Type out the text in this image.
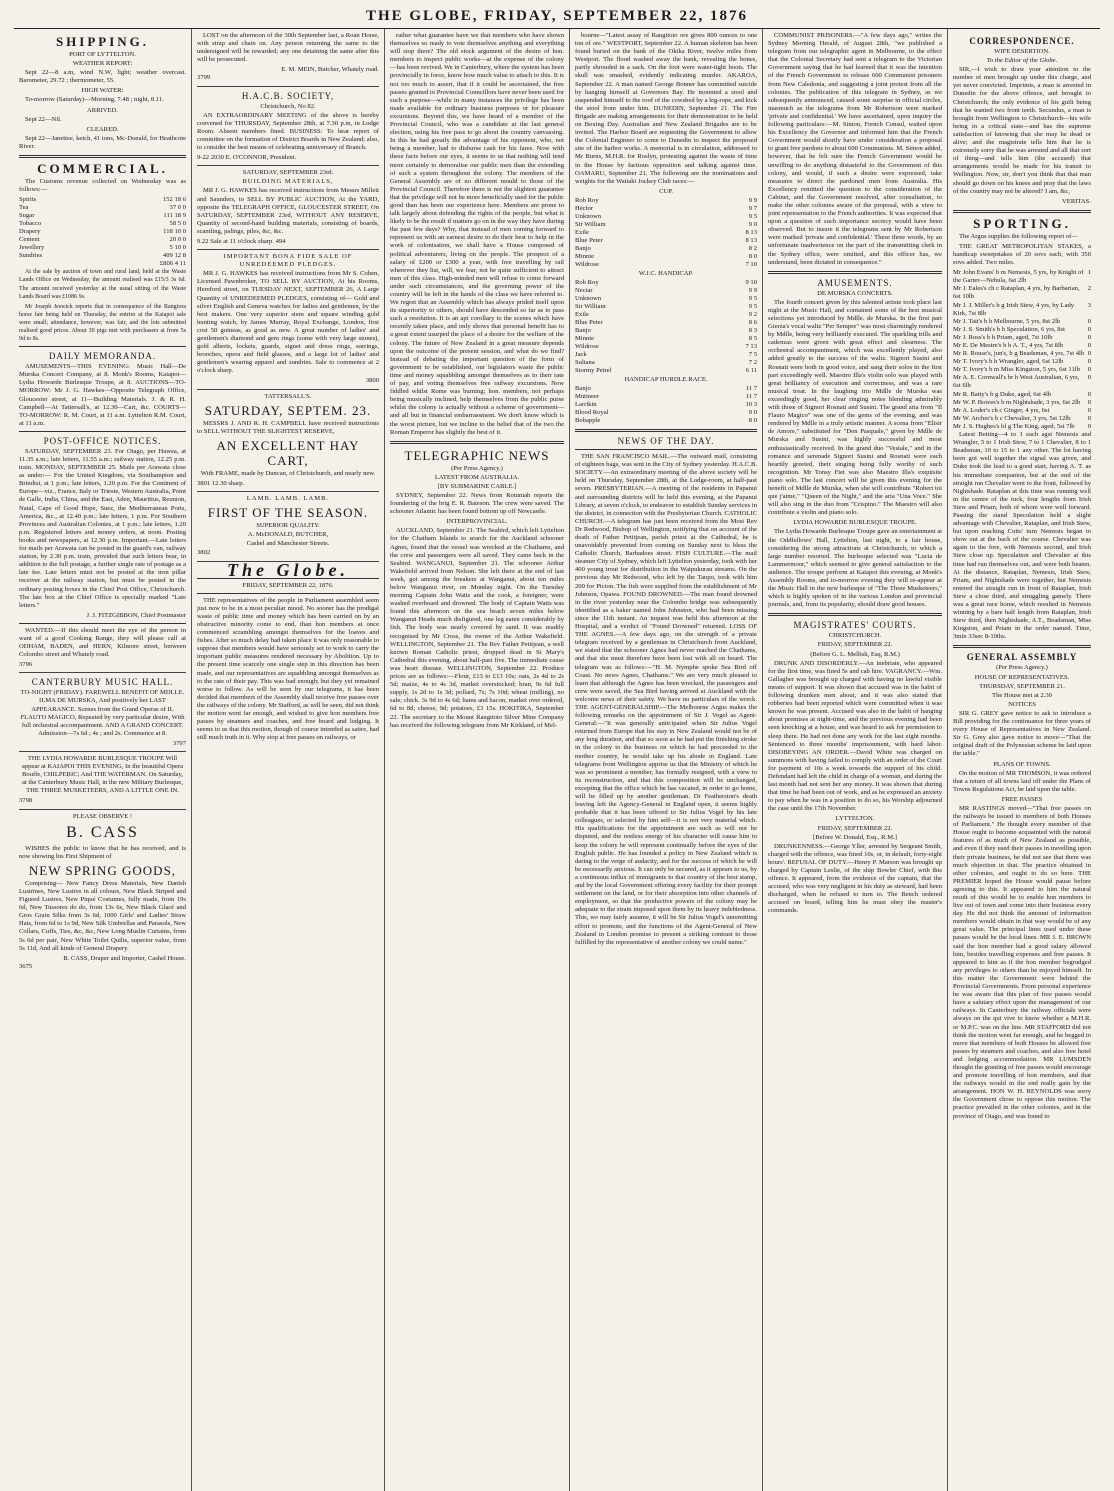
THE GLOBE, FRIDAY, SEPTEMBER 22, 1876
SHIPPING.
PORT OF LYTTELTON.
WEATHER REPORT:

Sept 22—8 a.m, wind N.W, light; weather overcast. Barometer, 29.72 ; thermometer, 55.

HIGH WATER:

To-morrow (Saturday)—Morning, 7.48 ; night, 8.11.

ARRIVED.

Sept 22—Nil.

CLEARED.

Sept 22—Janettee, ketch, 41 tons, Mc-Donald, for Heathcote River.

COMMERCIAL.

The Customs revenue collected on Wednesday was as follows:—

Spirits	152 18 6
Tea	37 0 0
Sugar	111 18 9
Tobacco	58 5 0
Drapery	118 10 0
Cement	20 0 0
Jewellery	5 10 0
Sundries	409 12 8
£806 4 11

At the sale by auction of town and rural land, held at the Waste Lands Office on Wednesday, the amount realised was £15/3 3s 6d. The amount received yesterday at the usual sitting of the Waste Lands Board was £1086 9s.

Mr Joseph Jeswick reports that in consequence of the Rangiora horse fair being held on Thursday, the entries at the Kaiapoi sale were small; attendance, however, was fair, and the lots submitted realised good prices. About 30 pigs met with purchasers at from 5s 9d to 8s.

DAILY MEMORANDA.

AMUSEMENTS—THIS EVENING: Music Hall—De Murska Concert Company, at 8. Monk's Rooms, Kaiapoi—Lydia Howarde Burlesque Troupe, at 8. AUCTIONS—TO-MORROW: Mr J. G. Hawkes—Opposite Telegraph Office, Gloucester street, at 11—Building Materials. J. & R. H. Campbell—At Tattersall's, at 12.30—Cart, &c. COURTS—TO-MORROW: R. M. Court, at 11 a.m. Lyttelton R.M. Court, at 11 a.m.

POST-OFFICE NOTICES.

SATURDAY, SEPTEMBER 23. For Otago, per Hawea, at 11.35 a.m.; late letters, 11.55 a.m.; railway station, 12.25 p.m. train. MONDAY, SEPTEMBER 25. Mails per Arawata close as under:— For the United Kingdom, via Southampton and Brindisi, at 1 p.m.; late letters, 1.20 p.m. For the Continent of Europe—viz., France, Italy or Trieste, Western Australia, Point de Galle, India, China, and the East, Aden, Mauritius, Reunion, Natal, Cape of Good Hope, Suez, the Mediterranean Ports, America, &c., at 12.40 p.m.; late letters, 1 p.m. For Southern Provinces and Australian Colonies, at 1 p.m.; late letters, 1.20 p.m. Registered letters and money orders, at noon. Posting books and newspapers, at 12.30 p.m. Important.—Late letters for mails per Arawata can be posted in the guard's van, railway station, by 2.30 p.m. train, provided that such letters bear, in addition to the full postage, a further single rate of postage as a late fee. Late letters must not be posted at the iron pillar receiver at the railway station, but must be posted in the ordinary posting boxes in the Chief Post Office, Christchurch. The late box at the Chief Office is specially marked "Late letters."

J. J. FITZGIBBON, Chief Postmaster

WANTED.—If this should meet the eye of the person in want of a good Cooking Range, they will please call at ODHAM, BADEN, and HERN, Kilmore street, between Colombo street and Whately road.

3796
CANTERBURY MUSIC HALL.

TO-NIGHT (FRIDAY). FAREWELL BENEFIT OF MDLLE. ILMA DE MURSKA, And positively her LAST APPEARANCE. Scenes from the Grand Operas of IL FLAUTO MAGICO, Repeated by very particular desire, With full orchestral accompaniment. AND A GRAND CONCERT. Admission—7s 6d ; 4s ; and 2s. Commence at 8.

3797

THE LYDIA HOWARDE BURLESQUE TROUPE Will appear at KAIAPOI THIS EVENING, In the beautiful Opera Bouffe, CHILPERIC; And THE WATERMAN. On Saturday, at the Canterbury Music Hall, in the new Military Burlesque, THE THREE MUSKETEERS, AND A LITTLE ONE IN.

3798
PLEASE OBSERVE !
B. CASS

WISHES the public to know that he has received, and is now showing his First Shipment of

NEW SPRING GOODS,

Comprising— New Fancy Dress Materials, New Danish Lustrines, New Lustres in all colours, New Black Striped and Figured Lustres, New Piqué Costumes, fully made, from 19s 6d, New Tussores do do, from 13s 6s, New Black Glacé and Gros Grain Silks from 3s 6d, 1000 Girls' and Ladies' Straw Hats, from 6d to 1s 9d, New Silk Umbrellas and Parasols, New Collars, Cuffs, Ties, &c, &c, New Long Muslin Curtains, from 5s 6d per pair, New White Toilet Quilts, superior value, from 5s 11d, And all kinds of General Drapery.

B. CASS, Draper and Importer, Cashel House.
3675

LOST on the afternoon of the 30th September last, a Roan Horse, with strap and chain on. Any person returning the same to the undersigned will be rewarded; any one detaining the same after this will be prosecuted.

E. M. MEIN, Butcher, Whately road.
3799
H.A.C.B. SOCIETY,
Christchurch, No 82.

AN EXTRAORDINARY MEETING of the above is hereby convened for THURSDAY, September 28th, at 7.30 p.m, in Lodge Room. Absent members fined. BUSINESS: To hear report of committee on the formation of District Boards in New Zealand; also, to consider the best means of celebrating anniversary of Branch.

9-22 2030 E. O'CONNOR, President.
SATURDAY, SEPTEMBER 23rd.
BUILDING MATERIALS,

MR J. G. HAWKES has received instructions from Messrs Millett and Saunders, to SELL BY PUBLIC AUCTION, At the YARD, opposite the TELEGRAPH OFFICE, GLOUCESTER STREET, On SATURDAY, SEPTEMBER 23rd, WITHOUT ANY RESERVE, Quantity of second-hand building materials, consisting of boards, scantling, palings, piles, &c, &c.

9.22 Sale at 11 o'clock sharp. 494
IMPORTANT BONA FIDE SALE OF UNREDEEMED PLEDGES.

MR J. G. HAWKES has received instructions from Mr S. Cohen, Licensed Pawnbroker, TO SELL BY AUCTION, At his Rooms, Hereford street, on TUESDAY NEXT, SEPTEMBER 26, A Large Quantity of UNREDEEMED PLEDGES, consisting of— Gold and silver English and Geneva watches for ladies and gentlemen, by the best makers. One very superior stem and square winding gold hunting watch, by James Murray, Royal Exchange, London, first cost 50 guineas, as good as new. A great number of ladies' and gentlemen's diamond and gem rings (some with very large stones), gold alberts, lockets, guards, signet and dress rings, earrings, brooches, opera and field glasses, and a large lot of ladies' and gentlemen's wearing apparel and sundries. Sale to commence at 2 o'clock sharp.

3800
TATTERSALL'S.
SATURDAY, SEPTEM. 23.

MESSRS J. AND R. H. CAMPBELL have received instructions to SELL WITHOUT THE SLIGHTEST RESERVE,

AN EXCELLENT HAY CART,

With FRAME, made by Duncan, of Christchurch, and nearly new.

3801 12.30 sharp.
LAMB. LAMB. LAMB.
FIRST OF THE SEASON.
SUPERIOR QUALITY.
A. McDONALD, BUTCHER,
Cashel and Manchester Streets.
3802
The Globe.
FRIDAY, SEPTEMBER 22, 1876.

THE representatives of the people in Parliament assembled seem just now to be in a most peculiar mood. No sooner has the prodigal waste of public time and money which has been carried on by an obstructive minority come to end, than hon members at once commenced scrambling amongst themselves for the loaves and fishes. After so much delay had taken place it was only reasonable to suppose that members would have seriously set to work to carry the important public measures rendered necessary by Abolition. Up to the present time scarcely one single step in this direction has been made, and our representatives are squabbling amongst themselves as to the rate of their pay. This was bad enough; but they yet remained worse to follow. As will be seen by our telegrams, it has been decided that members of the Assembly shall receive free passes over the railways of the colony. Mr Stafford, as will be seen, did not think the motion went far enough, and wished to give hon members free passes by steamers and coaches, and free board and lodging. It seems to us that this motion, though of course intended as satire, had still much truth in it. Why stop at free passes on railways, or

rather what guarantee have we that members who have shown themselves so ready to vote themselves anything and everything will stop there? The old stock argument of the desire of hon. members to inspect public works—at the expense of the colony—has been revived. We in Canterbury, where the system has been provincially in force, know how much value to attach to this. It is not too much to assert, that if it could be ascertained, the free passes granted to Provincial Councillors have never been used for such a purpose—while in many instances the privilege has been made available for ordinary business purposes or for pleasure excursions. Beyond this, we have heard of a member of the Provincial Council, who was a candidate at the last general election, using his free pass to go about the country canvassing. In this he had greatly the advantage of his opponent, who, not being a member, had to disburse cash for his fares. Now with these facts before our eyes, it seems to us that nothing will tend more certainly to demoralise our public men than the extending of such a system throughout the colony. The members of the General Assembly are of no different mould to those of the Provincial Council. Therefore there is not the slightest guarantee that the privilege will not be more beneficially used for the public good than has been our experience here. Members are prone to talk largely about defending the rights of the people, but what is likely to be the result if matters go on in the way they have during the past few days? Why, that instead of men coming forward to represent us with an earnest desire to do their best to help in the work of colonisation, we shall have a House composed of political adventurers, living on the people. The prospect of a salary of £200 or £300 a year, with free travelling by rail wherever they list, will, we fear, not be quite sufficient to attract men of this class. High-minded men will refuse to come forward under such circumstances, and the governing power of the country will be left in the hands of the class we have referred to. We regret that an Assembly which has always prided itself upon its superiority to others, should have descended so far as to pass such a resolution. It is an apt corollary to the scenes which have recently taken place, and only shows that personal benefit has to a great extent usurped the place of a desire for the welfare of the colony. The future of New Zealand in a great measure depends upon the outcome of the present session, and what do we find? Instead of debating the important question of the form of government to be established, our legislators waste the public time and money squabbling amongst themselves as to their rate of pay, and voting themselves free railway excursions. Now fiddled whilst Rome was burning; hon. members, not perhaps being musically inclined, help themselves from the public purse whilst the colony is actually without a scheme of government—and all but in financial embarrassment. We don't know which is the worst picture, but we incline to the belief that of the two the Roman Emperor has slightly the best of it.

TELEGRAPHIC NEWS
(Per Press Agency.)
LATEST FROM AUSTRALIA.
[BY SUBMARINE CABLE.]

SYDNEY, September 22. News from Rotumah reports the foundering of the brig E. R. Bateson. The crew were saved. The schooner Atlantic has been found bottom up off Newcastle.

INTERPROVINCIAL.

AUCKLAND, September 21. The Seabird, which left Lyttelton for the Chatham Islands to search for the Auckland schooner Agnes, found that the vessel was wrecked at the Chathams, and the crew and passengers were all saved. They came back in the Seabird. WANGANUI, September 21. The schooner Arthur Wakefield arrived from Nelson. She left there at the end of last week, got among the breakers at Wanganui, about ten miles below Wanganui river, on Monday night. On the Tuesday morning Captain John Watts and the cook, a foreigner, were washed overboard and drowned. The body of Captain Watts was found this afternoon on the sea beach seven miles below Wanganui Heads much disfigured, one leg eaten considerably by fish. The body was nearly covered by sand. It was readily recognised by Mr Cross, the owner of the Arthur Wakefield. WELLINGTON, September 21. The Rev Father Petitjean, a well known Roman Catholic priest, dropped dead in St Mary's Cathedral this evening, about half-past five. The immediate cause was heart disease. WELLINGTON, September 22. Produce prices are as follows:—Flour, £13 to £13 10s; oats, 2s 4d to 2s 5d; maize, 4s to 4s 3d, market overstocked; bran, 9s 6d full supply, 1s 2d to 1s 3d; pollard, 7s; 7s 10d; wheat (milling), no sale; chick. 3s 9d to 4s 6d; hams and bacon, market over ordered, 6d to 8d; cheese, 9d; potatoes, £3 15s. HOKITIKA, September 22. The secretary to the Mount Rangitoto Silver Mine Company has received the following telegram from Mr Kirkland, of Mel-

bourne—"Latest assay of Rangitoto ore gives 800 ounces to one ton of ore." WESTPORT, September 22. A human skeleton has been found buried on the bank of the Okika River, twelve miles from Westport. The flood washed away the bank, revealing the bones, partly shrouded in a sack. On the foot were water-tight boots. The skull was smashed, evidently indicating murder. AKAROA, September 22. A man named George Bonner has committed suicide by hanging himself at Governors Bay. He mounted a stool and suspended himself to the roof of the cowshed by a leg-rope, and kick the stool from under him. DUNEDIN, September 21. The Fire Brigade are making arrangements for their demonstration to be held on Boxing Day. Australian and New Zealand Brigades are to be invited. The Harbor Board are requesting the Government to allow the Colonial Engineer to come to Dunedin to inspect the proposed site of the harbor works. A memorial is in circulation, addressed to Mr Burns, M.H.R. for Roslyn, protesting against the waste of time in the House by factious opposition and talking against time. OAMARU, September 21. The following are the nominations and weights for the Waitaki Jockey Club races:—

CUP.
Rob Roy	9 9
Hector	9 7
Unknown	9 5
Sir William	9 0
Exile	8 13
Blue Peter	8 13
Banjo	8 2
Minnie	8 0
Wildrose	7 10
W.J.C. HANDICAP.
Rob Roy	9 10
Nectar	9 9
Unknown	9 5
Sir William	9 5
Exile	9 2
Blue Peter	8 6
Banjo	8 3
Minnie	8 5
Wildrose	7 13
Jack	7 5
Sultana	7 2
Stormy Petrel	6 11
HANDICAP HURDLE RACE.
Banjo	11 7
Mutineer	11 7
Larrikin	10 3
Blood Royal	9 0
Bobapple	8 0
NEWS OF THE DAY.

THE SAN FRANCISCO MAIL.—The outward mail, consisting of eighteen bags, was sent in the City of Sydney yesterday. H.A.C.B. SOCIETY.—An extraordinary meeting of the above society will be held on Thursday, September 28th, at the Lodge-room, at half-past seven. PRESBYTERIAN.—A meeting of the residents in Papanui and surrounding districts will be held this evening, at the Papanui Library, at seven o'clock, to endeavor to establish Sunday services in the district, in connection with the Presbyterian Church. CATHOLIC CHURCH.—A telegram has just been received from the Most Rev Dr Redwood, Bishop of Wellington, notifying that on account of the death of Father Petitjean, parish priest at the Cathedral, he is unavoidably prevented from coming on Sunday next to bless the Catholic Church, Barbadoes street. FISH CULTURE.—The mail steamer City of Sydney, which left Lyttelton yesterday, took with her 400 young trout for distribution in the Waipukurau streams. On the previous day Mr Redwood, who left by the Taupo, took with him 200 for Picton. The fish were supplied from the establishment of Mr Johnson, Opawa. FOUND DROWNED.—The man found drowned in the river yesterday near the Colombo bridge was subsequently identified as a baker named John Johnston, who had been missing since the 11th instant. An inquest was held this afternoon at the Hospital, and a verdict of "Found Drowned" returned. LOSS OF THE AGNES.—A few days ago, on the strength of a private telegram received by a gentleman in Christchurch from Auckland, we stated that the schooner Agnes had never reached the Chathams, and that she must therefore have been lost with all on board. The telegram was as follows:—"H. M. Nymphe spoke Sea Bird off Coast. No news Agnes, Chathams." We are very much pleased to learn that although the Agnes has been wrecked, the passengers and crew were saved, the Sea Bird having arrived at Auckland with the welcome news of their safety. We have no particulars of the wreck. THE AGENT-GENERALSHIP.—The Melbourne Argus makes the following remarks on the appointment of Sir J. Vogel as Agent-General:—"It was generally anticipated when Sir Julius Vogel returned from Europe that his stay in New Zealand would not be of any long duration, and that so soon as he had put the finishing stroke in the colony to the business on which he had proceeded to the mother country, he would take up his abode in England. Late telegrams from Wellington apprise us that the Ministry of which he was so prominent a member, has formally resigned, with a view to its reconstruction, and that this composition will be unchanged, excepting that the office which he has vacated, in order to go home, will be filled up by another gentleman. Dr Featherston's death leaving left the Agency-General in England open, it seems highly probable that it has been offered to Sir Julius Vogel by his late colleagues, or selected by him self—it is not very material which. His qualifications for the appointment are such as will not be disputed, and the restless energy of his character will cause him to keep the colony he will represent continually before the eyes of the English public. He has founded a policy in New Zealand which is daring to the verge of audacity, and for the success of which he will be necessarily anxious. It can only be secured, as it appears to us, by a continuous influx of immigrants to that country of the best stamp, and by the local Government offering every facility for their prompt settlement on the land, or for their absorption into other channels of employment, so that the productive powers of the colony may be adequate to the strain imposed upon them by its heavy indebtedness. This, we may fairly assume, it will be Sir Julius Vogel's unremitting effort to promote, and the functions of the Agent-General of New Zealand in London promise to present a striking contrast to those fulfilled by the representative of another colony we could name."

COMMUNIST PRISONERS.—"A few days ago," writes the Sydney Morning Herald, of August 28th, "we published a telegram from our telegraphic agent in Melbourne, to the effect that the Colonial Secretary had sent a telegram to the Victorian Government saying that he had learned that it was the intention of the French Government to release 600 Communist prisoners from New Caledonia, and suggesting a joint protest from all the colonies. The publication of this telegram in Sydney, as we subsequently announced, caused some surprise in official circles, inasmuch as the telegrams from Mr Robertson were marked 'private and confidential.' We have ascertained, upon inquiry the following particulars:—M. Simon, French Consul, waited upon his Excellency the Governor and informed him that the French Government would shortly have under consideration a proposal to grant free pardons to about 600 Communists. M. Simon added, however, that he felt sure the French Government would be unwilling to do anything distasteful to the Government of this colony, and would, if such a desire were expressed, take measures to direct the pardoned men from Australia. His Excellency remitted the question to the consideration of the Cabinet, and the Government resolved, after consultation, to make the other colonies aware of the proposal, with a view to joint representation to the French authorities. It was expected that upon a question of such importance secrecy would have been observed. But to insure it the telegrams sent by Mr Robertson were marked 'private and confidential.' These three words, by an unfortunate inadvertence on the part of the transmitting clerk in the Sydney office, were omitted, and this officer has, we understand, been dictated in consequence."

AMUSEMENTS.
DE MURSKA CONCERTS.

The fourth concert given by this talented artiste took place last night at the Music Hall, and contained some of the best musical selections yet introduced by Mdlle. de Murska. In the first part Gierza's vocal waltz "Per Sempre" was most charmingly rendered by Mdlle, being very brilliantly executed. The sparkling trills and cadenzas were given with great effect and clearness. The orchestral accompaniment, which was excellently played, also added greatly to the success of the waltz. Signori Susini and Rosnati were both in good voice, and sang their solos in the first part exceedingly well. Maestro Illa's violin solo was played with great brilliancy of execution and correctness, and was a rare musical treat. In the laughing trio Mdlle de Murska was exceedingly good, her clear ringing notes blending admirably with those of Signori Rosnati and Susini. The grand aria from "Il Flauto Magico" was one of the gems of the evening, and was rendered by Mdlle in a truly artistic manner. A scena from "Elisir de Amore," substituted for "Don Pasquale," given by Mdlle de Murska and Susini, was highly successful and most enthusiastically received. In the grand duo "Vestale," and in the romance and serenade Signori Susini and Rosnati were each heartily greeted, their singing being fully worthy of such recognition. Mr Tonsy Fiet was also Maestro Illa's exquisite piano solo. The last concert will be given this evening for the benefit of Mdlle de Murska, when she will contribute "Robert toi que j'aime," "Queen of the Night," and the aria "Una Voce." She will also sing in the duo from "Crispino." The Maestro will also contribute a violin and piano solo.

LYDIA HOWARDE BURLESQUE TROUPE.

The Lydia Howarde Burlesque Troupe gave an entertainment at the Oddfellows' Hall, Lyttelton, last night, to a fair house, considering the strong attractions at Christchurch, to which a large number resorted. The burlesque selected was "Lucia de Lammermoor," which seemed to give general satisfaction to the audience. The troupe perform at Kaiapoi this evening, at Monk's Assembly Rooms, and to-morrow evening they will re-appear at the Music Hall in the new burlesque of "The Three Musketeers," which is highly spoken of in the various London and provincial journals, and, from its popularity, should draw good houses.

MAGISTRATES' COURTS.
CHRISTCHURCH.
FRIDAY, SEPTEMBER 22.
(Before G. L. Mellish, Esq, R.M.)

DRUNK AND DISORDERLY.—An inebriate, who appeared for the first time, was fined 5s and cab hire. VAGRANCY.—Wm. Gallagher was brought up charged with having no lawful visible means of support. It was shown that accused was in the habit of following drunken men about, and it was also stated that robberies had been reported which were committed when it was known he was present. Accused was also in the habit of hanging about premises at night-time, and the previous evening had been seen knocking at a house, and was heard to ask for permission to sleep there. He had not done any work for the last eight months. Sentenced to three months' imprisonment, with hard labor. DISOBEYING AN ORDER.—David White was charged on summons with having failed to comply with an order of the Court for payment of 10s a week towards the support of his child. Defendant had left the child in charge of a woman, and during the last month had not sent her any money. It was shown that during that time he had been out of work, and as he expressed an anxiety to pay when he was in a position to do so, his Worship adjourned the case until the 17th November.

LYTTELTON.
FRIDAY, SEPTEMBER 22.
[Before W. Donald, Esq., R.M.]

DRUNKENNESS.—George Yller, arrested by Sergeant Smith, charged with the offence, was fined 10s, or, in default, forty-eight hours'. REFUSAL OF DUTY.—Henry P. Marson was brought up charged by Captain Leslie, of the ship Bowler Chief, with this offence. It appeared, from the evidence of the captain, that the accused, who was very negligent in his duty as steward, had been discharged, when he refused to turn to. The Bench ordered accused on board, telling him he must obey the master's commands.

CORRESPONDENCE.
WIFE DESERTION.
To the Editor of the Globe.

SIR,—I wish to draw your attention to the number of men brought up under this charge, and yet never convicted. Imprimis, a man is arrested in Dunedin for the above offence, and brought to Christchurch; the only evidence of his guilt being that he wanted two front teeth. Secundus, a man is brought from Wellington to Christchurch—his wife being in a critical state—and has the supreme satisfaction of knowing that she may be dead or alive; and the magistrate tells him that he is extremely sorry that he was arrested and all that sort of thing—and tells him (the accused) that arrangements would be made for his transit to Wellington. Now, sir, don't you think that that man should go down on his knees and pray that the laws of the country may not be altered? I am, &c,

VERITAS.
SPORTING.

The Argus supplies the following report of—

THE GREAT METROPOLITAN STAKES, a handicap sweepstakes of 20 sovs each, with 350 sovs added. Two miles.

Mr John Evans' b m Nemesis, 5 yrs, by Knight of the Garter—Nebula, 6st 2lb
1
Mr J. Eales's ch c Rataplan, 4 yrs, by Barbarian, 6st 10lb
2
Mr J. J. Miller's b g Irish Stew, 4 yrs, by Lady Kirk, 7st 8lb
3
Mr J. Tait's b h Melbourne, 5 yrs, 8st 2lb	0
Mr J. S. Smith's b h Speculation, 6 yrs, 8st	0
Mr J. Ross's b h Priam, aged, 7st 10lb	0
Mr E. De Mestre's b h A. T., 4 yrs, 7st 8lb	0
Mr R. Rouse's, jun's, b g Beadsman, 4 yrs, 7st 4lb 0
Mr T. Ivory's b h Wrangler, aged, 6st 12lb	0
Mr T. Ivory's b m Miss Kingston, 5 yrs, 6st 11lb 0
Mr A. E. Cornwall's br h West Australian, 6 yrs, 6st 6lb
0
Mr R. Batty's b g Duke, aged, 6st 4lb	0
Mr W. P. Bowes's b m Nightshade, 3 yrs, 6st 2lb 0
Mr A. Loder's ch c Ginger, 4 yrs, 6st	0
Mr W. Archer's b c Chevalier, 3 yrs, 5st 12lb	0
Mr J. S. Hughes's bl g The King, aged, 5st 7lb 0

Latest Betting—4 to 1 each agst Nemesis and Wrangler, 5 to 1 Irish Stew, 7 to 1 Chevalier, 8 to 1 Beadsman, 10 to 15 to 1 any other. The lot having been got well together the signal was given, and Duke took the lead to a good start, having A. T. as his immediate companion, but at the end of the straight run Chevalier went to the front, followed by Nightshade. Rataplan at this time was running well in the centre of the ruck, four lengths from Irish Stew and Priam, both of whom were well forward. Passing the stand Speculation held a slight advantage with Chevalier, Rataplan, and Irish Stew, but upon reaching Cutts' turn Nemesis began to show out at the back of the course. Chevalier was again to the fore, with Nemesis second, and Irish Stew close up. Speculation and Chevalier at this time had run themselves out, and were both beaten. At the distance, Rataplan, Nemesis, Irish Stew, Priam, and Nightshade were together, but Nemesis entered the straight run in front of Rataplan, Irish Stew a close third, and struggling gamely. There was a great race home, which resulted in Nemesis winning by a bare half length from Rataplan, Irish Stew third, then Nightshade, A.T., Beadsman, Miss Kingston, and Priam in the order named. Time, 3min 33sec 8-10ths.

GENERAL ASSEMBLY
(Per Press Agency.)
HOUSE OF REPRESENTATIVES.
THURSDAY, SEPTEMBER 21.
The House met at 2.30
NOTICES

SIR G. GREY gave notice to ask to introduce a Bill providing for the continuance for three years of every House of Representatives in New Zealand. Sir G. Grey also gave notice to move—"That the original draft of the Polynesian scheme be laid upon the table."

PLANS OF TOWNS.

On the motion of MR THOMSON, it was ordered that a return of all towns laid off under the Plans of Towns Regulations Act, be laid upon the table.

FREE PASSES

MR RASTINGS moved—"That free passes on the railways be issued to members of both Houses of Parliament." He thought every member of that House ought to become acquainted with the natural features of as much of New Zealand as possible, and even if they used their passes in travelling upon their private business, he did not see that there was much objection in that. The practice obtained in other colonies, and ought to do so here. THE PREMIER hoped the House would pause before agreeing to this. It appeared to him the natural result of this would be to enable hon members to live out of town and come into their business every day. He did not think the amount of information members would obtain in that way would be of any great value. The principal lines used under these passes would be the local lines. MR J. E. BROWN said the hon member had a good salary allowed him, besides travelling expenses and free passes. It appeared to him as if the hon member begrudged any privileges to others than he enjoyed himself. In this matter the Government were behind the Provincial Governments. From personal experience he was aware that this plan of free passes would have a salutary effect upon the management of our railways. In Canterbury the railway officials were always on the qui vive to know whether a M.H.R. or M.P.C. was on the line. MR STAFFORD did not think the motion went far enough, and he begged to move that members of both Houses be allowed free passes by steamers and coaches, and also free hotel and lodging accommodation. MR LUMSDEN thought the granting of free passes would encourage and promote travelling of hon members, and that the railways would in the end really gain by the arrangement. HON W. H. REYNOLDS was sorry the Government chose to oppose this motion. The practice prevailed in the other colonies, and in the province of Otago, and was found to
